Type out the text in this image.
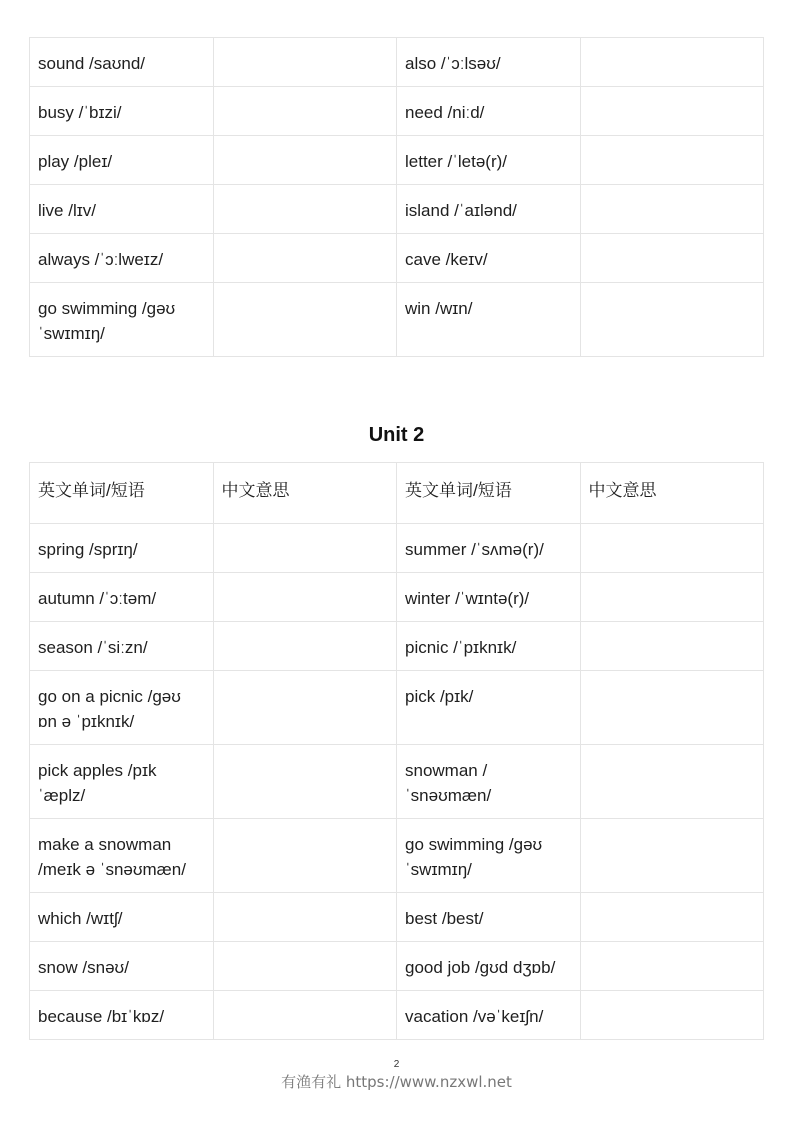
sound /saʊnd/		also /ˈɔːlsəʊ/	
busy /ˈbɪzi/		need /niːd/	
play /pleɪ/		letter /ˈletə(r)/	
live /lɪv/		island /ˈaɪlənd/	
always /ˈɔːlweɪz/		cave /keɪv/	
go swimming /gəʊ ˈswɪmɪŋ/		win /wɪn/	
Unit 2
英文单词/短语	中文意思	英文单词/短语	中文意思
spring /sprɪŋ/		summer /ˈsʌmə(r)/	
autumn /ˈɔːtəm/		winter /ˈwɪntə(r)/	
season /ˈsiːzn/		picnic /ˈpɪknɪk/	
go on a picnic /gəʊ ɒn ə ˈpɪknɪk/		pick /pɪk/	
pick apples /pɪk ˈæplz/		snowman /ˈsnəʊmæn/	
make a snowman /meɪk ə ˈsnəʊmæn/		go swimming /gəʊ ˈswɪmɪŋ/	
which /wɪtʃ/		best /best/	
snow /snəʊ/		good job /gʊd dʒɒb/	
because /bɪˈkɒz/		vacation /vəˈkeɪʃn/	
2
有渔有礼 https://www.nzxwl.net
